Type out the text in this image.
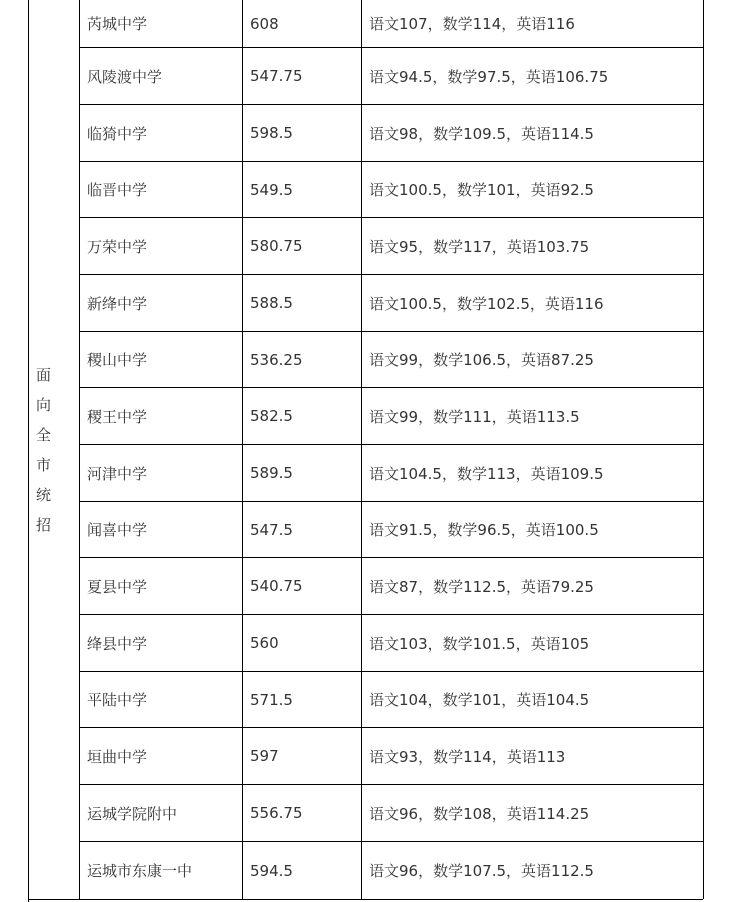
面向全市统招
芮城中学	608	语文107，数学114，英语116
风陵渡中学	547.75	语文94.5，数学97.5，英语106.75
临猗中学	598.5	语文98，数学109.5，英语114.5
临晋中学	549.5	语文100.5，数学101，英语92.5
万荣中学	580.75	语文95，数学117，英语103.75
新绛中学	588.5	语文100.5，数学102.5，英语116
稷山中学	536.25	语文99，数学106.5，英语87.25
稷王中学	582.5	语文99，数学111，英语113.5
河津中学	589.5	语文104.5，数学113，英语109.5
闻喜中学	547.5	语文91.5，数学96.5，英语100.5
夏县中学	540.75	语文87，数学112.5，英语79.25
绛县中学	560	语文103，数学101.5，英语105
平陆中学	571.5	语文104，数学101，英语104.5
垣曲中学	597	语文93，数学114，英语113
运城学院附中	556.75	语文96，数学108，英语114.25
运城市东康一中	594.5	语文96，数学107.5，英语112.5
